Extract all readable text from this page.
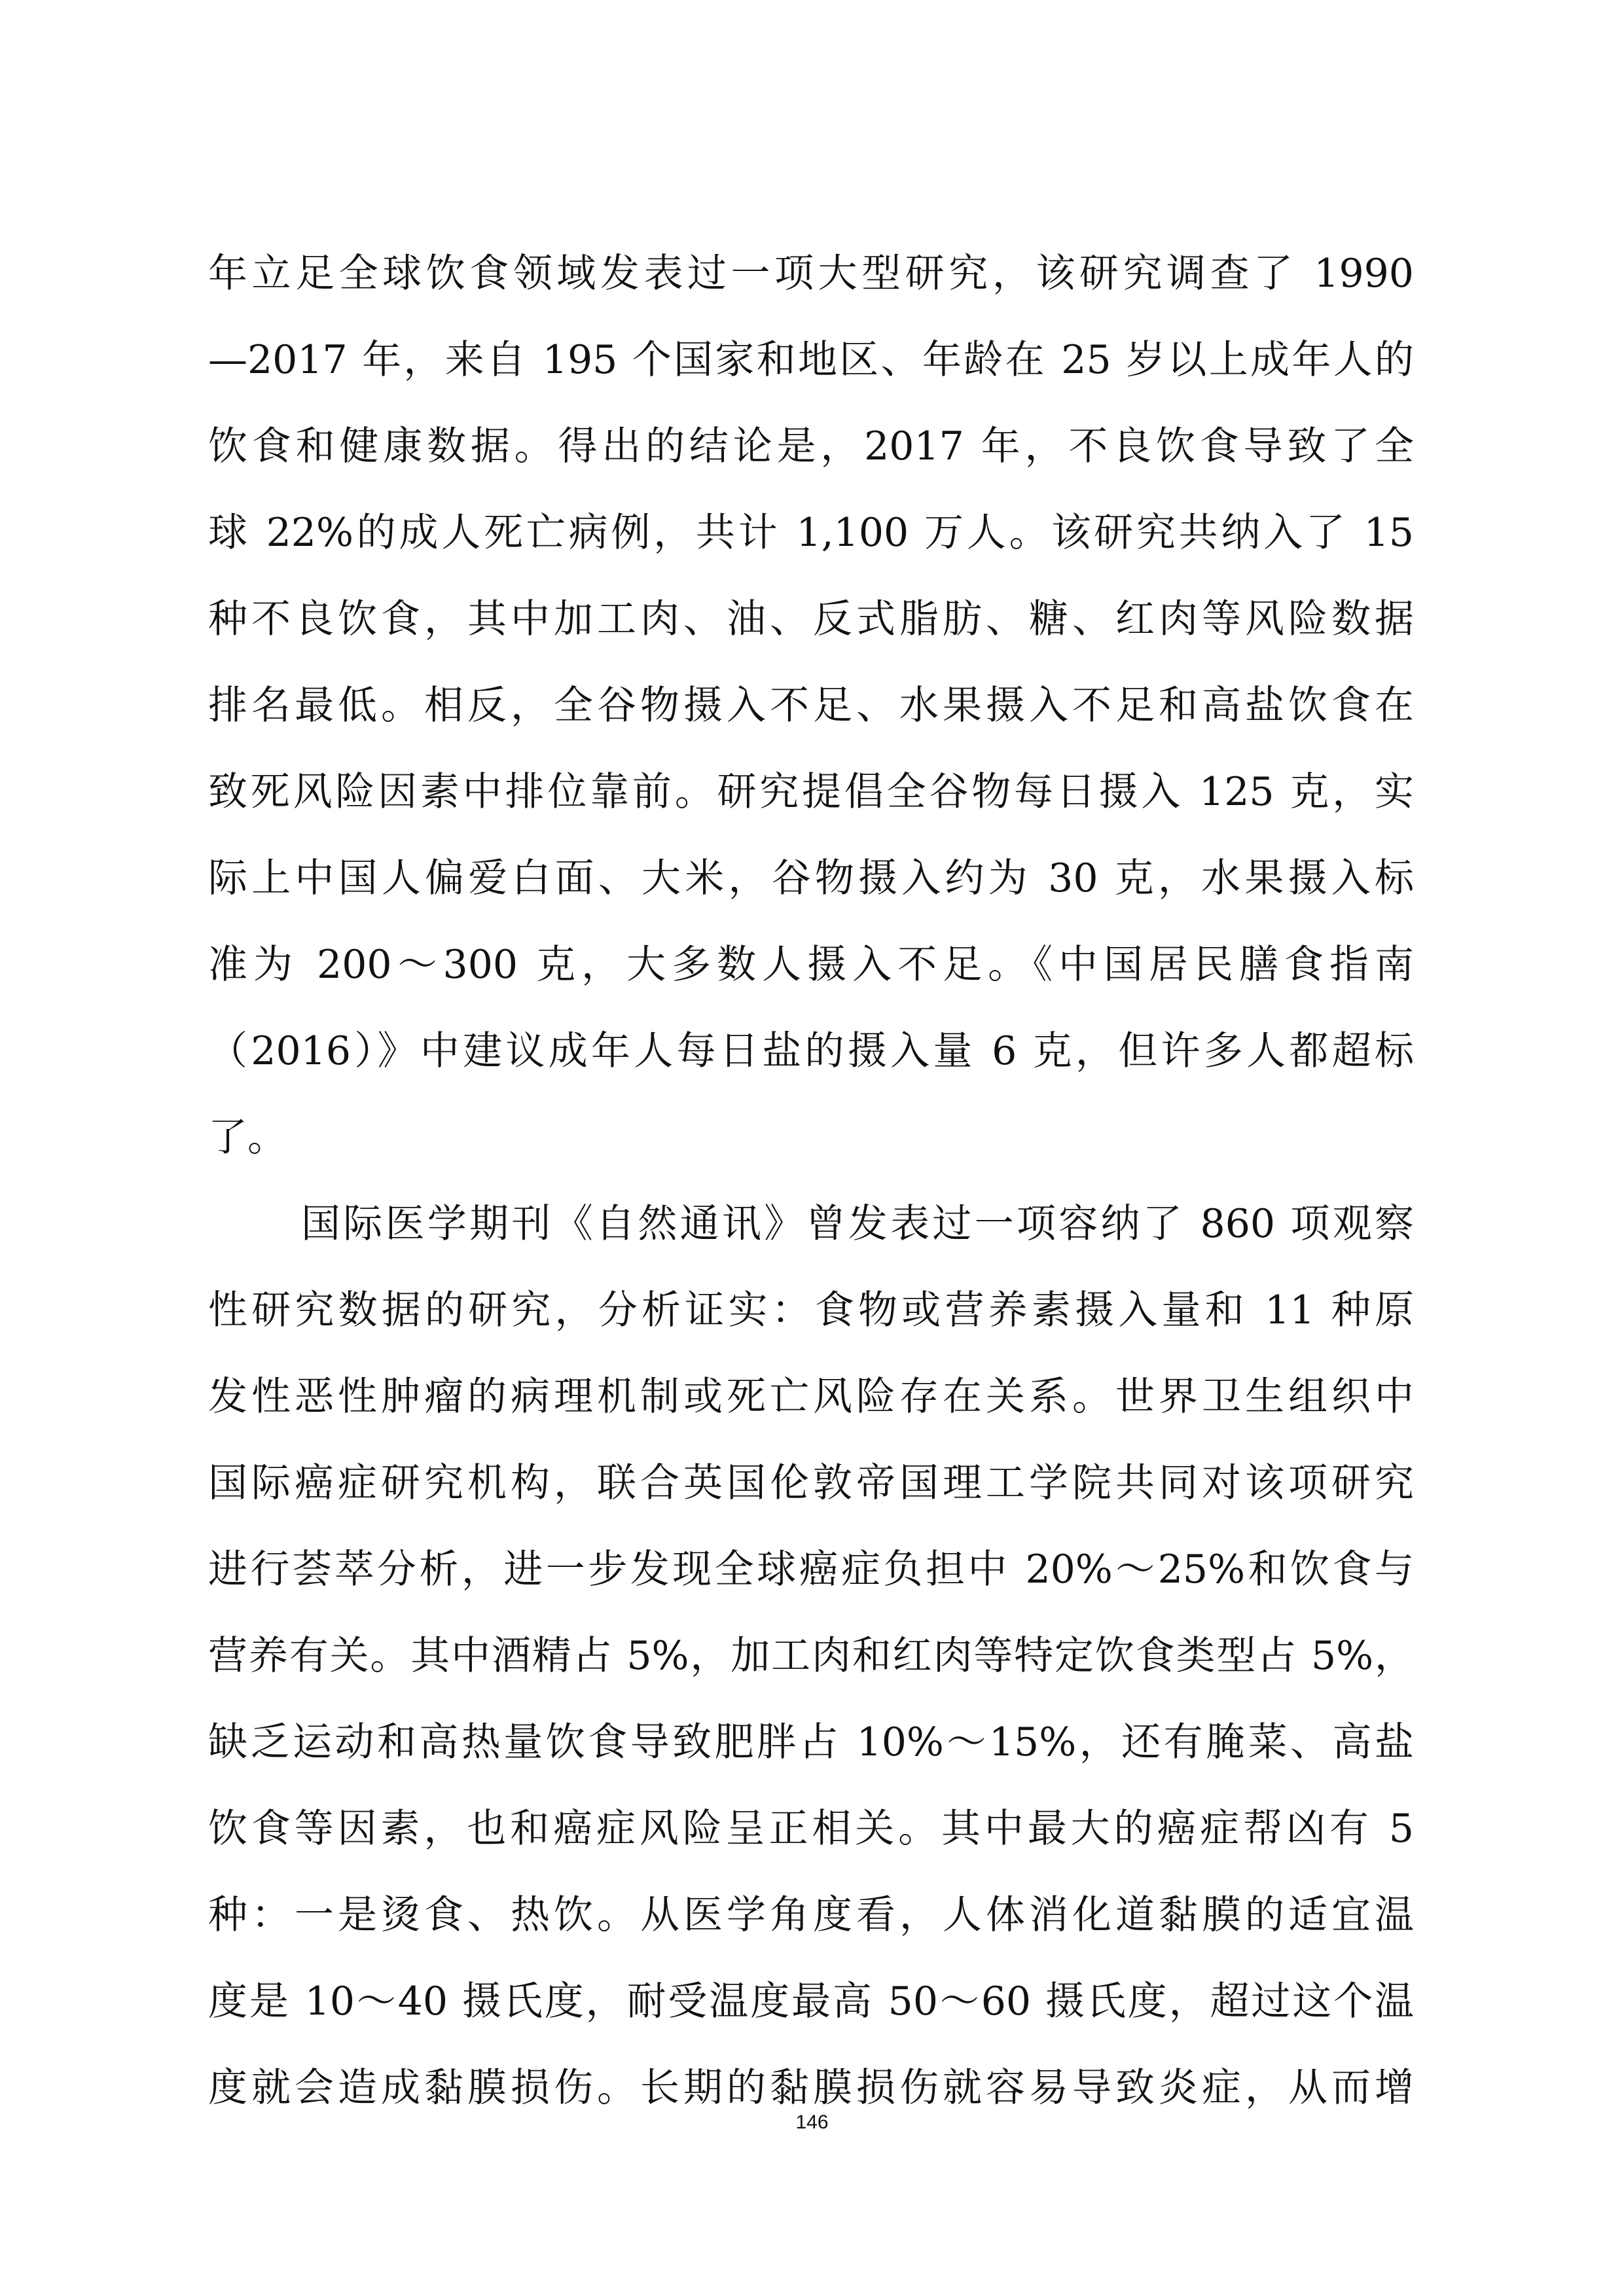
年立足全球饮食领域发表过一项大型研究，该研究调查了 1990
—2017 年，来自 195 个国家和地区、年龄在 25 岁以上成年人的
饮食和健康数据。得出的结论是，2017 年，不良饮食导致了全
球 22%的成人死亡病例，共计 1,100 万人。该研究共纳入了 15
种不良饮食，其中加工肉、油、反式脂肪、糖、红肉等风险数据
排名最低。相反，全谷物摄入不足、水果摄入不足和高盐饮食在
致死风险因素中排位靠前。研究提倡全谷物每日摄入 125 克，实
际上中国人偏爱白面、大米，谷物摄入约为 30 克，水果摄入标
准为 200～300 克，大多数人摄入不足。《中国居民膳食指南
（2016）》中建议成年人每日盐的摄入量 6 克，但许多人都超标
了。
国际医学期刊《自然通讯》曾发表过一项容纳了 860 项观察
性研究数据的研究，分析证实：食物或营养素摄入量和 11 种原
发性恶性肿瘤的病理机制或死亡风险存在关系。世界卫生组织中
国际癌症研究机构，联合英国伦敦帝国理工学院共同对该项研究
进行荟萃分析，进一步发现全球癌症负担中 20%～25%和饮食与
营养有关。其中酒精占 5%，加工肉和红肉等特定饮食类型占 5%，
缺乏运动和高热量饮食导致肥胖占 10%～15%，还有腌菜、高盐
饮食等因素，也和癌症风险呈正相关。其中最大的癌症帮凶有 5
种：一是烫食、热饮。从医学角度看，人体消化道黏膜的适宜温
度是 10～40 摄氏度，耐受温度最高 50～60 摄氏度，超过这个温
度就会造成黏膜损伤。长期的黏膜损伤就容易导致炎症，从而增
146
